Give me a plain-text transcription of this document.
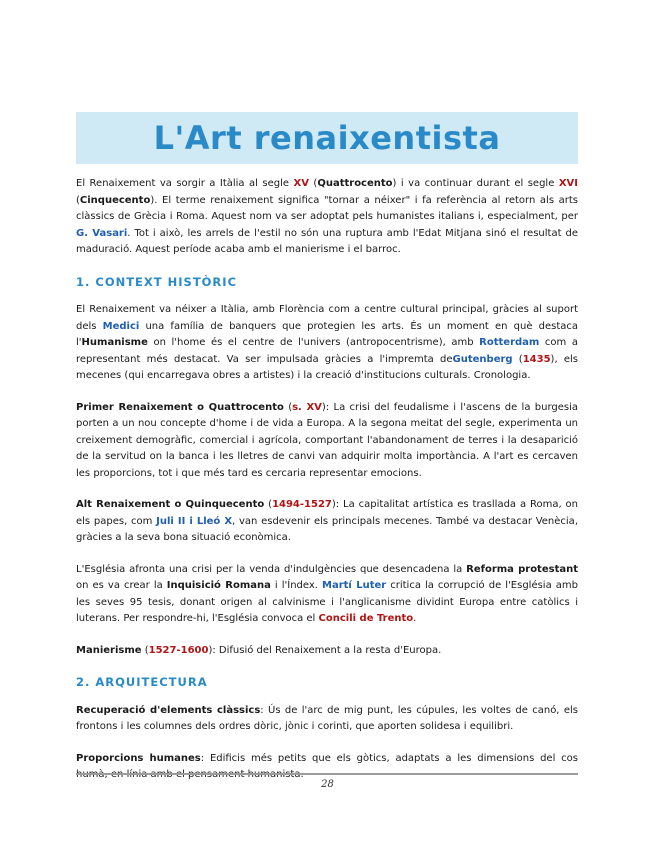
L'Art renaixentista

El Renaixement va sorgir a Itàlia al segle XV (Quattrocento) i va continuar durant el segle XVI (Cinquecento). El terme renaixement significa "tornar a néixer" i fa referència al retorn als arts clàssics de Grècia i Roma. Aquest nom va ser adoptat pels humanistes italians i, especialment, per G. Vasari. Tot i això, les arrels de l'estil no són una ruptura amb l'Edat Mitjana sinó el resultat de maduració. Aquest període acaba amb el manierisme i el barroc.

1. CONTEXT HISTÒRIC

El Renaixement va néixer a Itàlia, amb Florència com a centre cultural principal, gràcies al suport dels Medici una família de banquers que protegien les arts. És un moment en què destaca l'Humanisme on l'home és el centre de l'univers (antropocentrisme), amb Rotterdam com a representant més destacat. Va ser impulsada gràcies a l'impremta deGutenberg (1435), els mecenes (qui encarregava obres a artistes) i la creació d'institucions culturals. Cronologia.

Primer Renaixement o Quattrocento (s. XV): La crisi del feudalisme i l'ascens de la burgesia porten a un nou concepte d'home i de vida a Europa. A la segona meitat del segle, experimenta un creixement demogràfic, comercial i agrícola, comportant l'abandonament de terres i la desaparició de la servitud on la banca i les lletres de canvi van adquirir molta importància. A l'art es cercaven les proporcions, tot i que més tard es cercaria representar emocions.

Alt Renaixement o Quinquecento (1494-1527): La capitalitat artística es trasllada a Roma, on els papes, com Juli II i Lleó X, van esdevenir els principals mecenes. També va destacar Venècia, gràcies a la seva bona situació econòmica.

L'Església afronta una crisi per la venda d'indulgències que desencadena la Reforma protestant on es va crear la Inquisició Romana i l'Índex. Martí Luter critica la corrupció de l'Església amb les seves 95 tesis, donant origen al calvinisme i l'anglicanisme dividint Europa entre catòlics i luterans. Per respondre-hi, l'Església convoca el Concili de Trento.

Manierisme (1527-1600): Difusió del Renaixement a la resta d'Europa.

2. ARQUITECTURA

Recuperació d'elements clàssics: Ús de l'arc de mig punt, les cúpules, les voltes de canó, els frontons i les columnes dels ordres dòric, jònic i corinti, que aporten solidesa i equilibri.

Proporcions humanes: Edificis més petits que els gòtics, adaptats a les dimensions del cos

28
